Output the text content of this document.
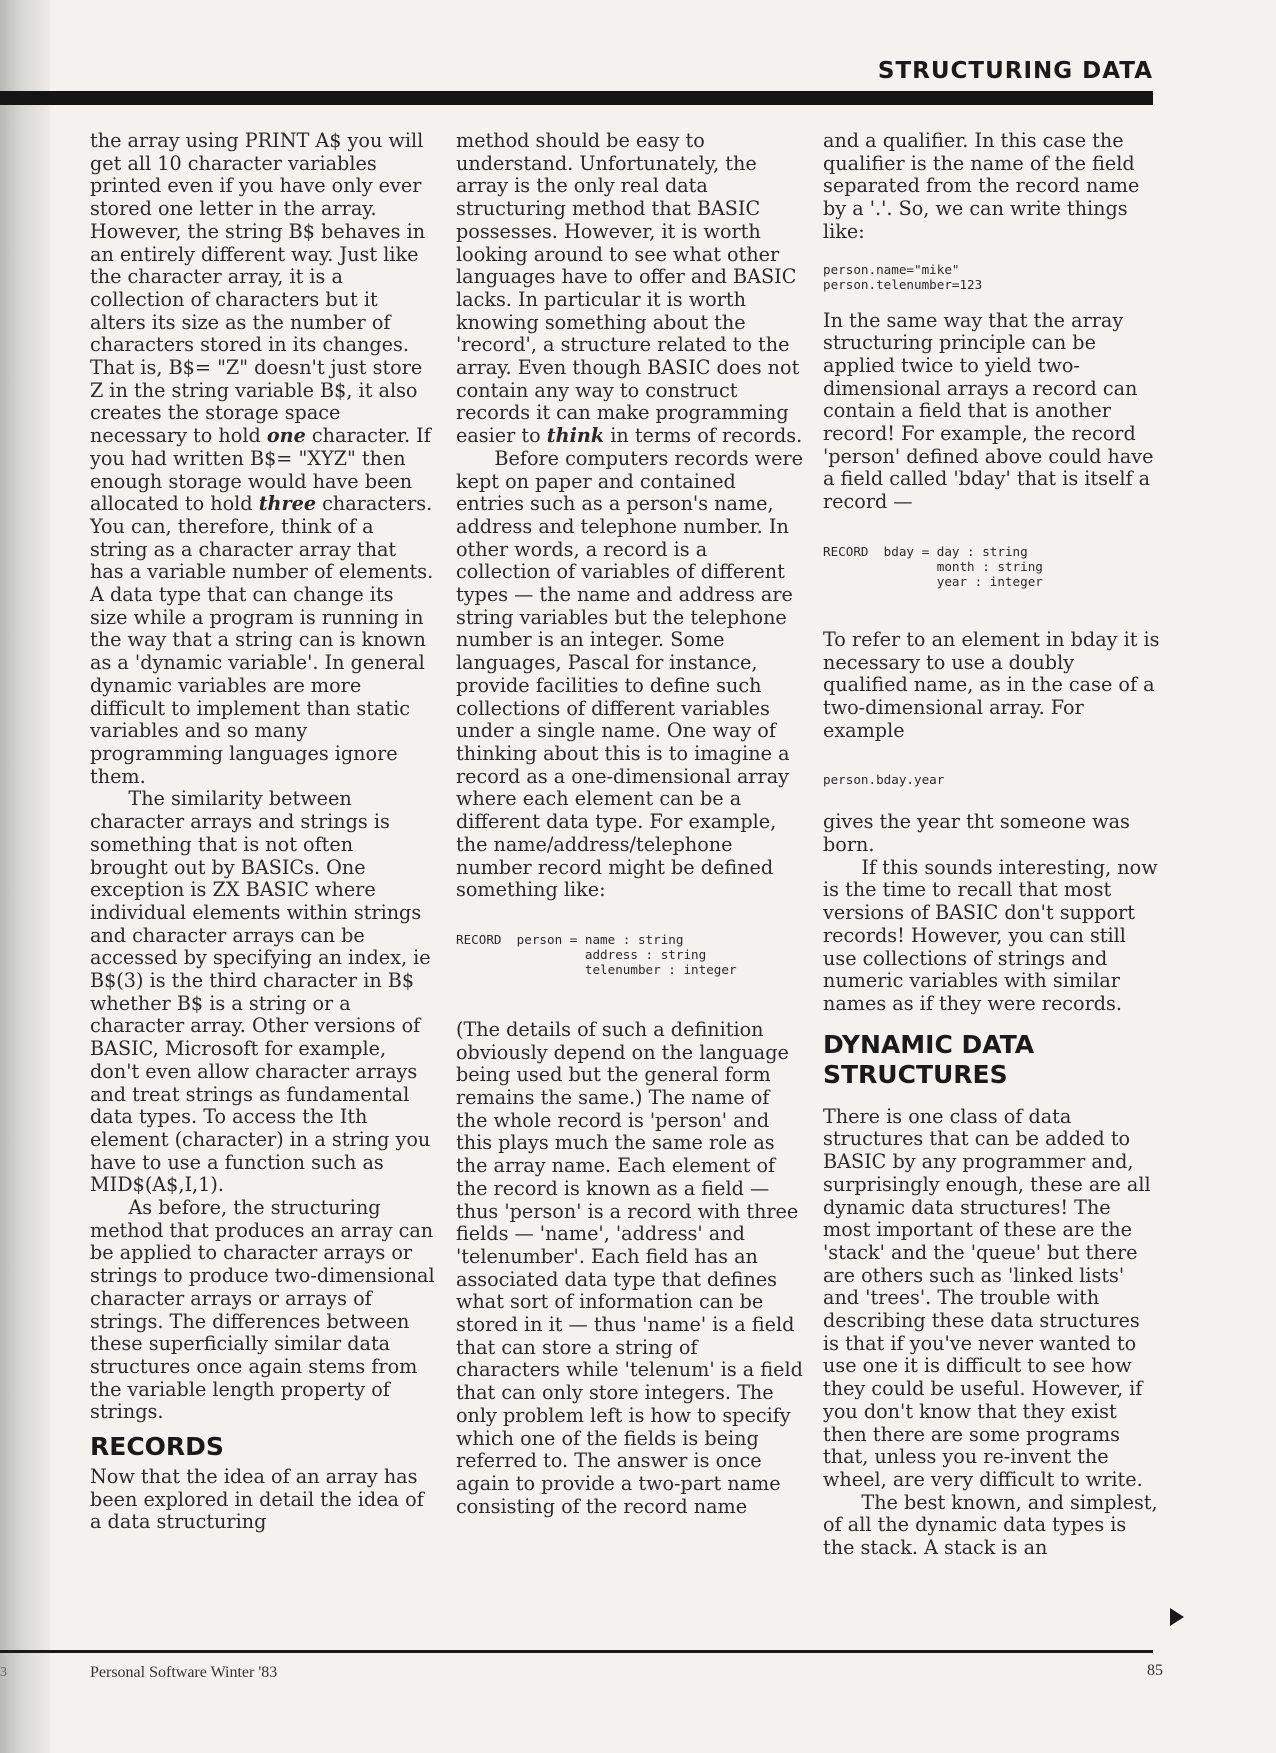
3
STRUCTURING DATA

the array using PRINT A$ you will get all 10 character variables printed even if you have only ever stored one letter in the array. However, the string B$ behaves in an entirely different way. Just like the character array, it is a collection of characters but it alters its size as the number of characters stored in its changes. That is, B$= "Z" doesn't just store Z in the string variable B$, it also creates the storage space necessary to hold one character. If you had written B$= "XYZ" then enough storage would have been allocated to hold three characters. You can, therefore, think of a string as a character array that has a variable number of elements. A data type that can change its size while a program is running in the way that a string can is known as a 'dynamic variable'. In general dynamic variables are more difficult to implement than static variables and so many programming languages ignore them.

The similarity between character arrays and strings is something that is not often brought out by BASICs. One exception is ZX BASIC where individual elements within strings and character arrays can be accessed by specifying an index, ie B$(3) is the third character in B$ whether B$ is a string or a character array. Other versions of BASIC, Microsoft for example, don't even allow character arrays and treat strings as fundamental data types. To access the Ith element (character) in a string you have to use a function such as MID$(A$,I,1).

As before, the structuring method that produces an array can be applied to character arrays or strings to produce two-dimensional character arrays or arrays of strings. The differences between these superficially similar data structures once again stems from the variable length property of strings.

RECORDS

Now that the idea of an array has been explored in detail the idea of a data structuring

method should be easy to understand. Unfortunately, the array is the only real data structuring method that BASIC possesses. However, it is worth looking around to see what other languages have to offer and BASIC lacks. In particular it is worth knowing something about the 'record', a structure related to the array. Even though BASIC does not contain any way to construct records it can make programming easier to think in terms of records.

Before computers records were kept on paper and contained entries such as a person's name, address and telephone number. In other words, a record is a collection of variables of different types — the name and address are string variables but the telephone number is an integer. Some languages, Pascal for instance, provide facilities to define such collections of different variables under a single name. One way of thinking about this is to imagine a record as a one-dimensional array where each element can be a different data type. For example, the name/address/telephone number record might be defined something like:

RECORD  person = name : string
address : string
telenumber : integer

(The details of such a definition obviously depend on the language being used but the general form remains the same.) The name of the whole record is 'person' and this plays much the same role as the array name. Each element of the record is known as a field — thus 'person' is a record with three fields — 'name', 'address' and 'telenumber'. Each field has an associated data type that defines what sort of information can be stored in it — thus 'name' is a field that can store a string of characters while 'telenum' is a field that can only store integers. The only problem left is how to specify which one of the fields is being referred to. The answer is once again to provide a two-part name consisting of the record name

and a qualifier. In this case the qualifier is the name of the field separated from the record name by a '.'. So, we can write things like:

person.name="mike"
person.telenumber=123

In the same way that the array structuring principle can be applied twice to yield two-dimensional arrays a record can contain a field that is another record! For example, the record 'person' defined above could have a field called 'bday' that is itself a record —

RECORD  bday = day : string
month : string
year : integer

To refer to an element in bday it is necessary to use a doubly qualified name, as in the case of a two-dimensional array. For example

person.bday.year

gives the year tht someone was born.

If this sounds interesting, now is the time to recall that most versions of BASIC don't support records! However, you can still use collections of strings and numeric variables with similar names as if they were records.

DYNAMIC DATA STRUCTURES

There is one class of data structures that can be added to BASIC by any programmer and, surprisingly enough, these are all dynamic data structures! The most important of these are the 'stack' and the 'queue' but there are others such as 'linked lists' and 'trees'. The trouble with describing these data structures is that if you've never wanted to use one it is difficult to see how they could be useful. However, if you don't know that they exist then there are some programs that, unless you re-invent the wheel, are very difficult to write.

The best known, and simplest, of all the dynamic data types is the stack. A stack is an

Personal Software Winter '83	85
